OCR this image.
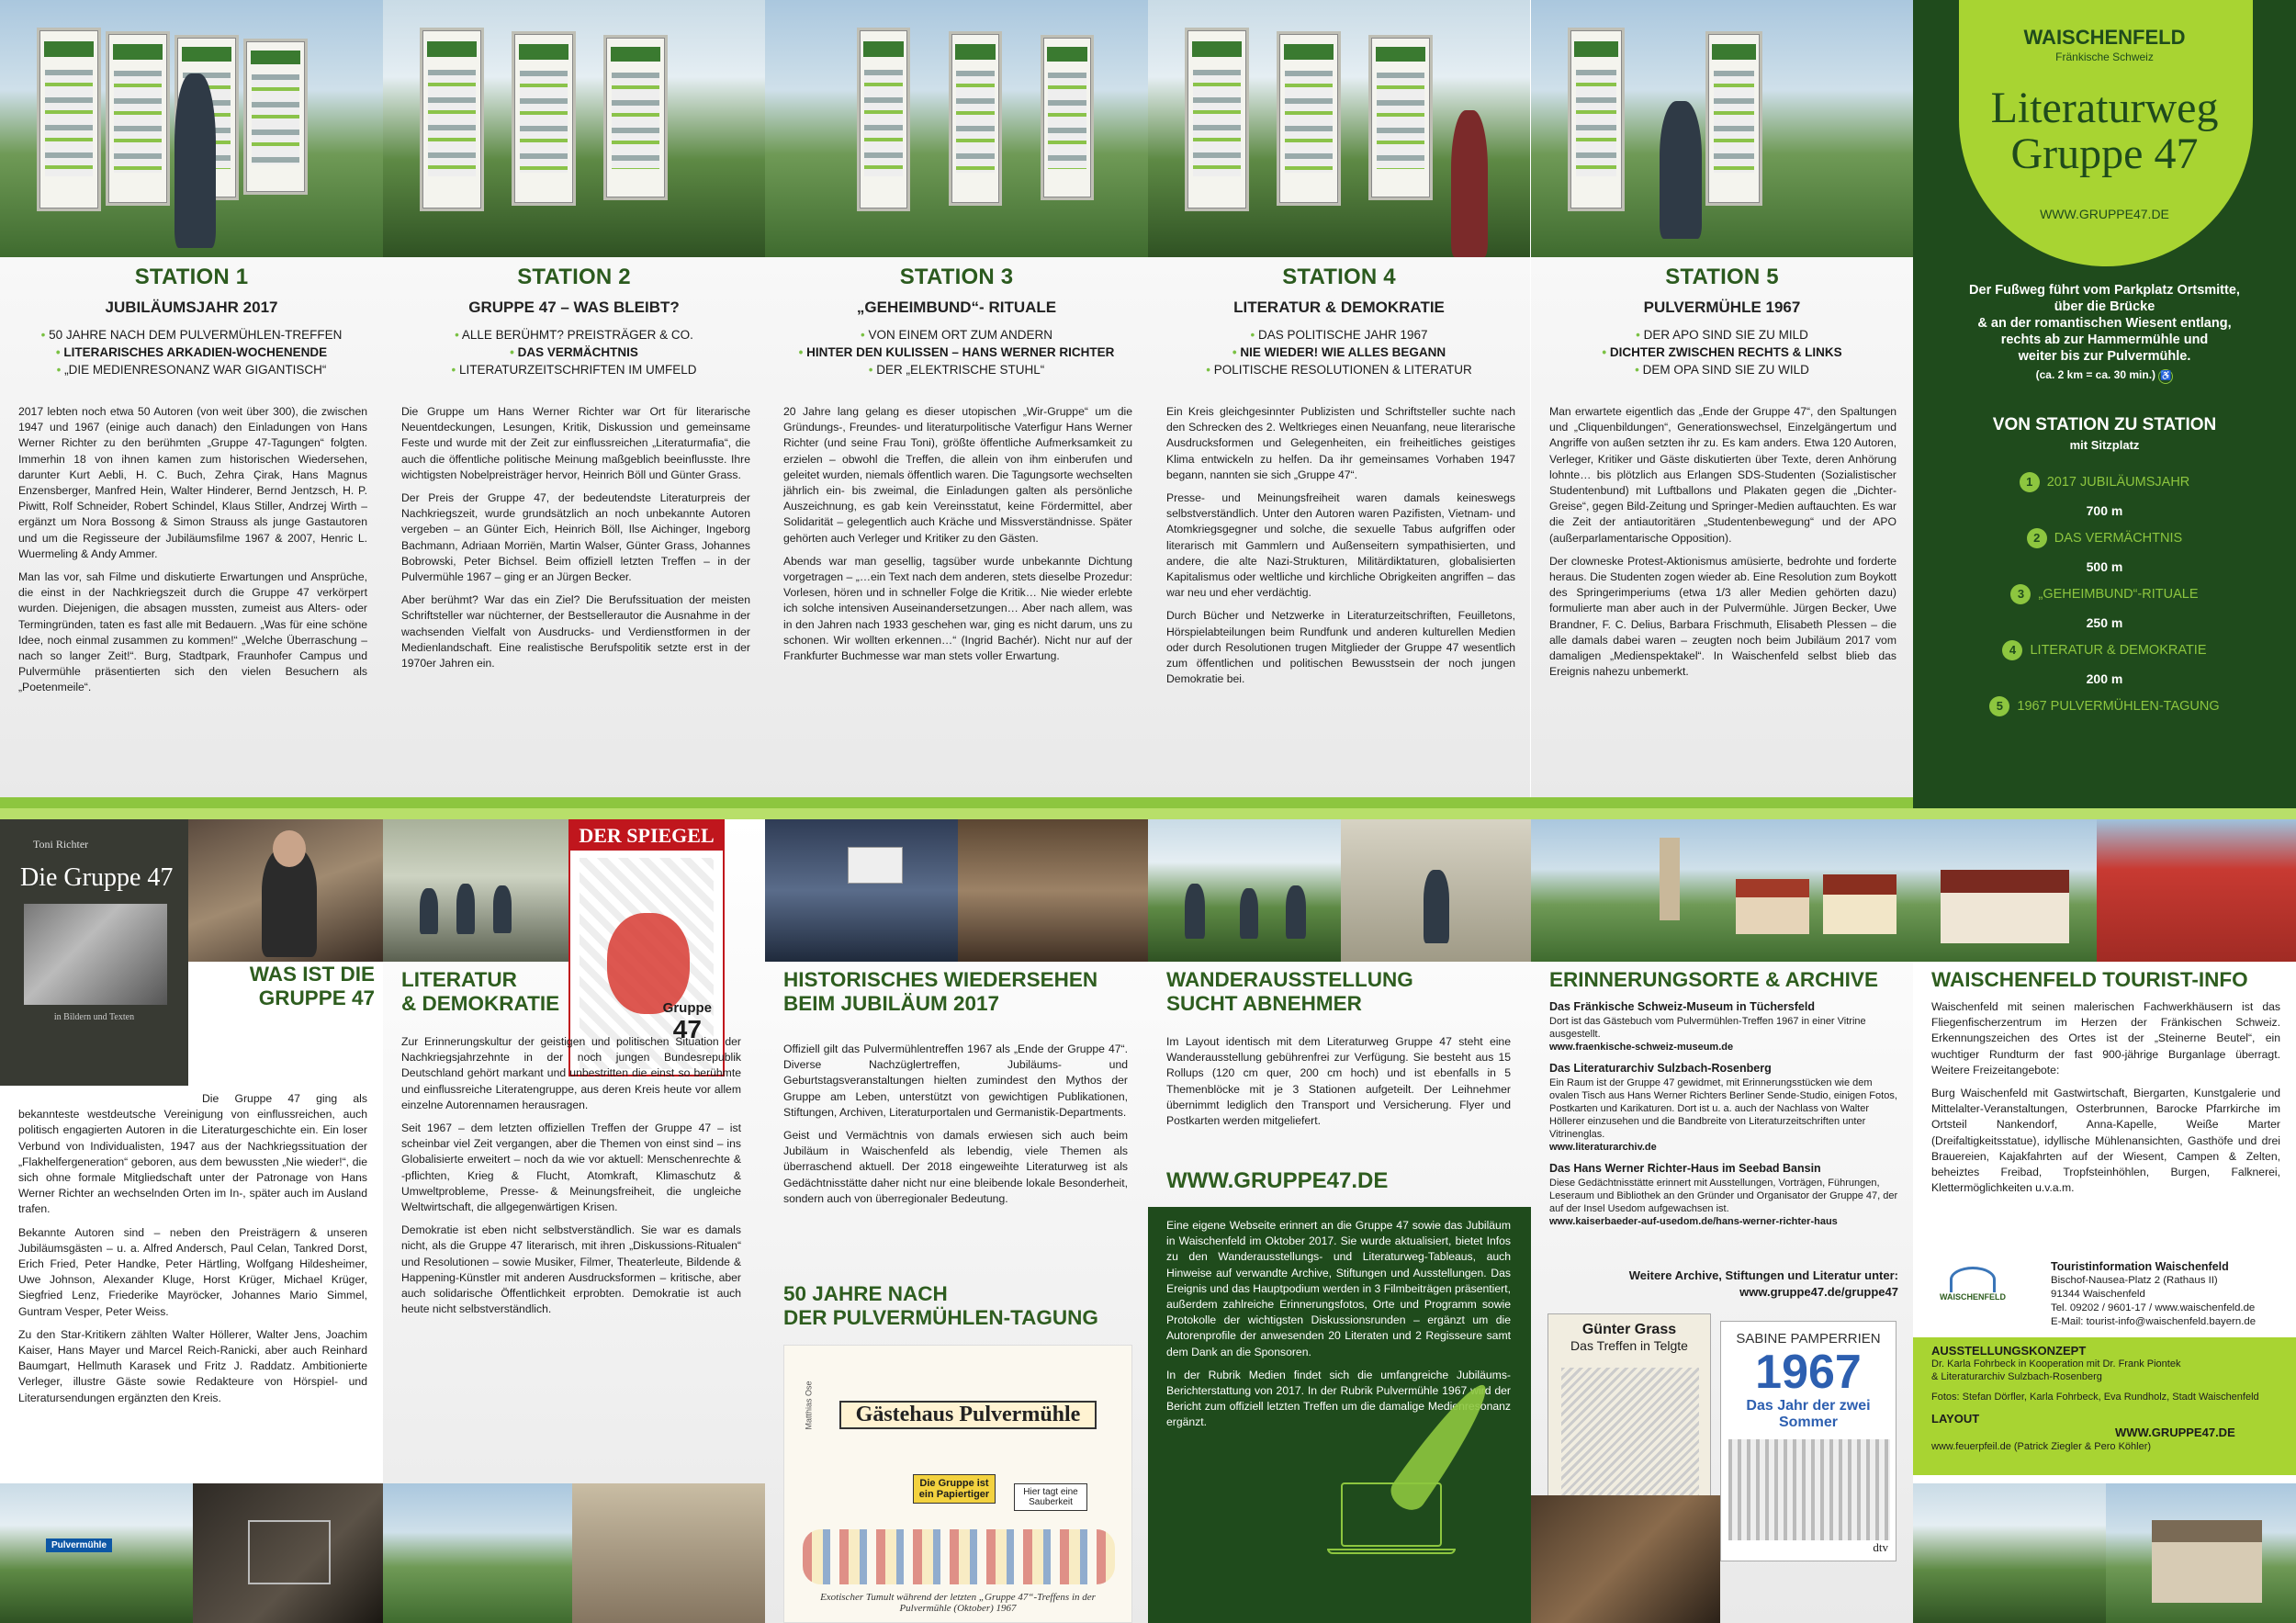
STATION 1
JUBILÄUMSJAHR 2017
• 50 JAHRE NACH DEM PULVERMÜHLEN-TREFFEN
• LITERARISCHES ARKADIEN-WOCHENENDE
• „DIE MEDIENRESONANZ WAR GIGANTISCH“

2017 lebten noch etwa 50 Autoren (von weit über 300), die zwischen 1947 und 1967 (einige auch danach) den Einladungen von Hans Werner Richter zu den berühmten „Gruppe 47-Tagungen“ folgten. Immerhin 18 von ihnen kamen zum historischen Wiedersehen, darunter Kurt Aebli, H. C. Buch, Zehra Çirak, Hans Magnus Enzensberger, Manfred Hein, Walter Hinderer, Bernd Jentzsch, H. P. Piwitt, Rolf Schneider, Robert Schindel, Klaus Stiller, Andrzej Wirth – ergänzt um Nora Bossong & Simon Strauss als junge Gastautoren und um die Regisseure der Jubiläumsfilme 1967 & 2007, Henric L. Wuermeling & Andy Ammer.

Man las vor, sah Filme und diskutierte Erwartungen und Ansprüche, die einst in der Nachkriegszeit durch die Gruppe 47 verkörpert wurden. Diejenigen, die absagen mussten, zumeist aus Alters- oder Termingründen, taten es fast alle mit Bedauern. „Was für eine schöne Idee, noch einmal zusammen zu kommen!“ „Welche Überraschung – nach so langer Zeit!“. Burg, Stadtpark, Fraunhofer Campus und Pulvermühle präsentierten sich den vielen Besuchern als „Poetenmeile“.

STATION 2
GRUPPE 47 – WAS BLEIBT?
• ALLE BERÜHMT? PREISTRÄGER & CO.
• DAS VERMÄCHTNIS
• LITERATURZEITSCHRIFTEN IM UMFELD

Die Gruppe um Hans Werner Richter war Ort für literarische Neuentdeckungen, Lesungen, Kritik, Diskussion und gemeinsame Feste und wurde mit der Zeit zur einflussreichen „Literaturmafia“, die auch die öffentliche politische Meinung maßgeblich beeinflusste. Ihre wichtigsten Nobelpreisträger hervor, Heinrich Böll und Günter Grass.

Der Preis der Gruppe 47, der bedeutendste Literaturpreis der Nachkriegszeit, wurde grundsätzlich an noch unbekannte Autoren vergeben – an Günter Eich, Heinrich Böll, Ilse Aichinger, Ingeborg Bachmann, Adriaan Morriën, Martin Walser, Günter Grass, Johannes Bobrowski, Peter Bichsel. Beim offiziell letzten Treffen – in der Pulvermühle 1967 – ging er an Jürgen Becker.

Aber berühmt? War das ein Ziel? Die Berufssituation der meisten Schriftsteller war nüchterner, der Bestsellerautor die Ausnahme in der wachsenden Vielfalt von Ausdrucks- und Verdienstformen in der Medienlandschaft. Eine realistische Berufspolitik setzte erst in der 1970er Jahren ein.

STATION 3
„GEHEIMBUND“- RITUALE
• VON EINEM ORT ZUM ANDERN
• HINTER DEN KULISSEN – HANS WERNER RICHTER
• DER „ELEKTRISCHE STUHL“

20 Jahre lang gelang es dieser utopischen „Wir-Gruppe“ um die Gründungs-, Freundes- und literaturpolitische Vaterfigur Hans Werner Richter (und seine Frau Toni), größte öffentliche Aufmerksamkeit zu erzielen – obwohl die Treffen, die allein von ihm einberufen und geleitet wurden, niemals öffentlich waren. Die Tagungsorte wechselten jährlich ein- bis zweimal, die Einladungen galten als persönliche Auszeichnung, es gab kein Vereinsstatut, keine Fördermittel, aber Solidarität – gelegentlich auch Kräche und Missverständnisse. Später gehörten auch Verleger und Kritiker zu den Gästen.

Abends war man gesellig, tagsüber wurde unbekannte Dichtung vorgetragen – „…ein Text nach dem anderen, stets dieselbe Prozedur: Vorlesen, hören und in schneller Folge die Kritik… Nie wieder erlebte ich solche intensiven Auseinandersetzungen… Aber nach allem, was in den Jahren nach 1933 geschehen war, ging es nicht darum, uns zu schonen. Wir wollten erkennen…“ (Ingrid Bachér). Nicht nur auf der Frankfurter Buchmesse war man stets voller Erwartung.

STATION 4
LITERATUR & DEMOKRATIE
• DAS POLITISCHE JAHR 1967
• NIE WIEDER! WIE ALLES BEGANN
• POLITISCHE RESOLUTIONEN & LITERATUR

Ein Kreis gleichgesinnter Publizisten und Schriftsteller suchte nach den Schrecken des 2. Weltkrieges einen Neuanfang, neue literarische Ausdrucksformen und Gelegenheiten, ein freiheitliches geistiges Klima entwickeln zu helfen. Da ihr gemeinsames Vorhaben 1947 begann, nannten sie sich „Gruppe 47“.

Presse- und Meinungsfreiheit waren damals keineswegs selbstverständlich. Unter den Autoren waren Pazifisten, Vietnam- und Atomkriegsgegner und solche, die sexuelle Tabus aufgriffen oder literarisch mit Gammlern und Außenseitern sympathisierten, und andere, die alte Nazi-Strukturen, Militärdiktaturen, globalisierten Kapitalismus oder weltliche und kirchliche Obrigkeiten angriffen – das war neu und eher verdächtig.

Durch Bücher und Netzwerke in Literaturzeitschriften, Feuilletons, Hörspielabteilungen beim Rundfunk und anderen kulturellen Medien oder durch Resolutionen trugen Mitglieder der Gruppe 47 wesentlich zum öffentlichen und politischen Bewusstsein der noch jungen Demokratie bei.

STATION 5
PULVERMÜHLE 1967
• DER APO SIND SIE ZU MILD
• DICHTER ZWISCHEN RECHTS & LINKS
• DEM OPA SIND SIE ZU WILD

Man erwartete eigentlich das „Ende der Gruppe 47“, den Spaltungen und „Cliquenbildungen“, Generationswechsel, Einzelgängertum und Angriffe von außen setzten ihr zu. Es kam anders. Etwa 120 Autoren, Verleger, Kritiker und Gäste diskutierten über Texte, deren Anhörung lohnte… bis plötzlich aus Erlangen SDS-Studenten (Sozialistischer Studentenbund) mit Luftballons und Plakaten gegen die „Dichter-Greise“, gegen Bild-Zeitung und Springer-Medien auftauchten. Es war die Zeit der antiautoritären „Studentenbewegung“ und der APO (außerparlamentarische Opposition).

Der clowneske Protest-Aktionismus amüsierte, bedrohte und forderte heraus. Die Studenten zogen wieder ab. Eine Resolution zum Boykott des Springerimperiums (etwa 1/3 aller Medien gehörten dazu) formulierte man aber auch in der Pulvermühle. Jürgen Becker, Uwe Brandner, F. C. Delius, Barbara Frischmuth, Elisabeth Plessen – die alle damals dabei waren – zeugten noch beim Jubiläum 2017 vom damaligen „Medienspektakel“. In Waischenfeld selbst blieb das Ereignis nahezu unbemerkt.

WAISCHENFELD
Fränkische Schweiz
Literaturweg
Gruppe 47
WWW.GRUPPE47.DE
Der Fußweg führt vom Parkplatz Ortsmitte,
über die Brücke
& an der romantischen Wiesent entlang,
rechts ab zur Hammermühle und
weiter bis zur Pulvermühle.
(ca. 2 km = ca. 30 min.) ♿
VON STATION ZU STATION
mit Sitzplatz
1 2017 JUBILÄUMSJAHR
700 m
2 DAS VERMÄCHTNIS
500 m
3 „GEHEIMBUND“-RITUALE
250 m
4 LITERATUR & DEMOKRATIE
200 m
5 1967 PULVERMÜHLEN-TAGUNG
Toni Richter
Die Gruppe 47
in Bildern und Texten
WAS IST DIE
GRUPPE 47

Die Gruppe 47 ging als bekannteste westdeutsche Vereinigung von einflussreichen, auch politisch engagierten Autoren in die Literaturgeschichte ein. Ein loser Verbund von Individualisten, 1947 aus der Nachkriegssituation der „Flakhelfergeneration“ geboren, aus dem bewussten „Nie wieder!“, die sich ohne formale Mitgliedschaft unter der Patronage von Hans Werner Richter an wechselnden Orten im In-, später auch im Ausland trafen.

Bekannte Autoren sind – neben den Preisträgern & unseren Jubiläumsgästen – u. a. Alfred Andersch, Paul Celan, Tankred Dorst, Erich Fried, Peter Handke, Peter Härtling, Wolfgang Hildesheimer, Uwe Johnson, Alexander Kluge, Horst Krüger, Michael Krüger, Siegfried Lenz, Friederike Mayröcker, Johannes Mario Simmel, Guntram Vesper, Peter Weiss.

Zu den Star-Kritikern zählten Walter Höllerer, Walter Jens, Joachim Kaiser, Hans Mayer und Marcel Reich-Ranicki, aber auch Reinhard Baumgart, Hellmuth Karasek und Fritz J. Raddatz. Ambitionierte Verleger, illustre Gäste sowie Redakteure von Hörspiel- und Literatursendungen ergänzten den Kreis.

Pulvermühle
DER SPIEGEL
Gruppe
47
LITERATUR
& DEMOKRATIE

Zur Erinnerungskultur der geistigen und politischen Situation der Nachkriegsjahrzehnte in der noch jungen Bundesrepublik Deutschland gehört markant und unbestritten die einst so berühmte und einflussreiche Literatengruppe, aus deren Kreis heute vor allem einzelne Autorennamen herausragen.

Seit 1967 – dem letzten offiziellen Treffen der Gruppe 47 – ist scheinbar viel Zeit vergangen, aber die Themen von einst sind – ins Globalisierte erweitert – noch da wie vor aktuell: Menschenrechte & -pflichten, Krieg & Flucht, Atomkraft, Klimaschutz & Umweltprobleme, Presse- & Meinungsfreiheit, die ungleiche Weltwirtschaft, die allgegenwärtigen Krisen.

Demokratie ist eben nicht selbstverständlich. Sie war es damals nicht, als die Gruppe 47 literarisch, mit ihren „Diskussions-Ritualen“ und Resolutionen – sowie Musiker, Filmer, Theaterleute, Bildende & Happening-Künstler mit anderen Ausdrucksformen – kritische, aber auch solidarische Öffentlichkeit erprobten. Demokratie ist auch heute nicht selbstverständlich.

HISTORISCHES WIEDERSEHEN
BEIM JUBILÄUM 2017

Offiziell gilt das Pulvermühlentreffen 1967 als „Ende der Gruppe 47“. Diverse Nachzüglertreffen, Jubiläums- und Geburtstagsveranstaltungen hielten zumindest den Mythos der Gruppe am Leben, unterstützt von gewichtigen Publikationen, Stiftungen, Archiven, Literaturportalen und Germanistik-Departments.

Geist und Vermächtnis von damals erwiesen sich auch beim Jubiläum in Waischenfeld als lebendig, viele Themen als überraschend aktuell. Der 2018 eingeweihte Literaturweg ist als Gedächtnisstätte daher nicht nur eine bleibende lokale Besonderheit, sondern auch von überregionaler Bedeutung.

50 JAHRE NACH
DER PULVERMÜHLEN-TAGUNG
Matthias Ose	Gästehaus Pulvermühle
Die Gruppe ist ein Papiertiger	Hier tagt eine Sauberkeit
Exotischer Tumult während der letzten „Gruppe 47“-Treffens in der Pulvermühle (Oktober) 1967
WANDERAUSSTELLUNG
SUCHT ABNEHMER

Im Layout identisch mit dem Literaturweg Gruppe 47 steht eine Wanderausstellung gebührenfrei zur Verfügung. Sie besteht aus 15 Rollups (120 cm quer, 200 cm hoch) und ist ebenfalls in 5 Themenblöcke mit je 3 Stationen aufgeteilt. Der Leihnehmer übernimmt lediglich den Transport und Versicherung. Flyer und Postkarten werden mitgeliefert.

WWW.GRUPPE47.DE

Eine eigene Webseite erinnert an die Gruppe 47 sowie das Jubiläum in Waischenfeld im Oktober 2017. Sie wurde aktualisiert, bietet Infos zu den Wanderausstellungs- und Literaturweg-Tableaus, auch Hinweise auf verwandte Archive, Stiftungen und Ausstellungen. Das Ereignis und das Hauptpodium werden in 3 Filmbeiträgen präsentiert, außerdem zahlreiche Erinnerungsfotos, Orte und Programm sowie Protokolle der wichtigsten Diskussionsrunden – ergänzt um die Autorenprofile der anwesenden 20 Literaten und 2 Regisseure samt dem Dank an die Sponsoren.

In der Rubrik Medien findet sich die umfangreiche Jubiläums-Berichterstattung von 2017. In der Rubrik Pulvermühle 1967 wird der Bericht zum offiziell letzten Treffen um die damalige Medienresonanz ergänzt.

ERINNERUNGSORTE & ARCHIVE
Das Fränkische Schweiz-Museum in Tüchersfeld
Dort ist das Gästebuch vom Pulvermühlen-Treffen 1967 in einer Vitrine ausgestellt.
www.fraenkische-schweiz-museum.de
Das Literaturarchiv Sulzbach-Rosenberg
Ein Raum ist der Gruppe 47 gewidmet, mit Erinnerungsstücken wie dem ovalen Tisch aus Hans Werner Richters Berliner Sende-Studio, einigen Fotos, Postkarten und Karikaturen. Dort ist u. a. auch der Nachlass von Walter Höllerer einzusehen und die Bandbreite von Literaturzeitschriften unter Vitrinenglas.
www.literaturarchiv.de
Das Hans Werner Richter-Haus im Seebad Bansin
Diese Gedächtnisstätte erinnert mit Ausstellungen, Vorträgen, Führungen, Leseraum und Bibliothek an den Gründer und Organisator der Gruppe 47, der auf der Insel Usedom aufgewachsen ist.
www.kaiserbaeder-auf-usedom.de/hans-werner-richter-haus
Weitere Archive, Stiftungen und Literatur unter:
www.gruppe47.de/gruppe47
Günter Grass
Das Treffen in Telgte	SABINE PAMPERRIEN
1967
Das Jahr der zwei Sommer
dtv
WAISCHENFELD TOURIST-INFO

Waischenfeld mit seinen malerischen Fachwerkhäusern ist das Fliegenfischerzentrum im Herzen der Fränkischen Schweiz. Erkennungszeichen des Ortes ist der „Steinerne Beutel“, ein wuchtiger Rundturm der fast 900-jährige Burganlage überragt. Weitere Freizeitangebote:

Burg Waischenfeld mit Gastwirtschaft, Biergarten, Kunstgalerie und Mittelalter-Veranstaltungen, Osterbrunnen, Barocke Pfarrkirche im Ortsteil Nankendorf, Anna-Kapelle, Weiße Marter (Dreifaltigkeitsstatue), idyllische Mühlenansichten, Gasthöfe und drei Brauereien, Kajakfahrten auf der Wiesent, Campen & Zelten, beheiztes Freibad, Tropfsteinhöhlen, Burgen, Falknerei, Klettermöglichkeiten u.v.a.m.

WAISCHENFELD
Touristinformation Waischenfeld
Bischof-Nausea-Platz 2 (Rathaus II)
91344 Waischenfeld
Tel. 09202 / 9601-17 / www.waischenfeld.de
E-Mail: tourist-info@waischenfeld.bayern.de
AUSSTELLUNGSKONZEPT
Dr. Karla Fohrbeck in Kooperation mit Dr. Frank Piontek
& Literaturarchiv Sulzbach-Rosenberg
Fotos: Stefan Dörfler, Karla Fohrbeck, Eva Rundholz, Stadt Waischenfeld
LAYOUT WWW.GRUPPE47.DE
www.feuerpfeil.de (Patrick Ziegler & Pero Köhler)
